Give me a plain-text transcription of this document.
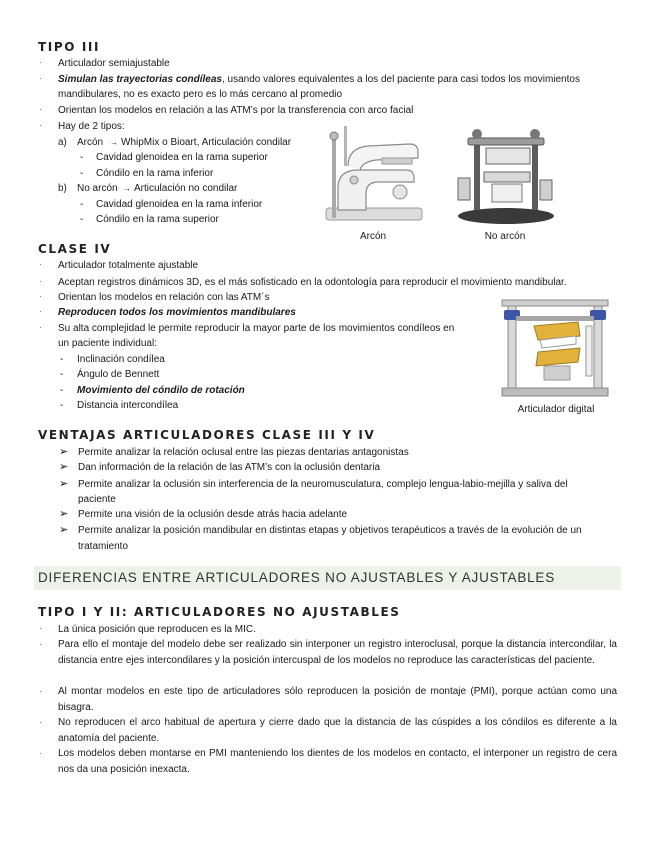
TIPO III
· Articulador semiajustable
· Simulan las trayectorias condíleas, usando valores equivalentes a los del paciente para casi todos los movimientos
mandibulares, no es exacto pero es lo más cercano al promedio
· Orientan los modelos en relación a las ATM’s por la transferencia con arco facial
· Hay de 2 tipos:
a) Arcón → WhipMix o Bioart, Articulación condilar
- Cavidad glenoidea en la rama superior
- Cóndilo en la rama inferior
b) No arcón → Articulación no condilar
- Cavidad glenoidea en la rama inferior
- Cóndilo en la rama superior
Arcón	No arcón
CLASE IV
· Articulador totalmente ajustable
· Aceptan registros dinámicos 3D, es el más sofisticado en la odontología para reproducir el movimiento mandibular.
· Orientan los modelos en relación con las ATM´s
· Reproducen todos los movimientos mandibulares
· Su alta complejidad le permite reproducir la mayor parte de los movimientos condíleos en
un paciente individual:
- Inclinación condílea
- Ángulo de Bennett
- Movimiento del cóndilo de rotación
- Distancia intercondílea	Articulador digital
VENTAJAS ARTICULADORES CLASE III Y IV
➢ Permite analizar la relación oclusal entre las piezas dentarias antagonistas
➢ Dan información de la relación de las ATM’s con la oclusión dentaria
➢ Permite analizar la oclusión sin interferencia de la neuromusculatura, complejo lengua-labio-mejilla y saliva del
paciente
➢ Permite una visión de la oclusión desde atrás hacia adelante
➢ Permite analizar la posición mandibular en distintas etapas y objetivos terapéuticos a través de la evolución de un
tratamiento
DIFERENCIAS ENTRE ARTICULADORES NO AJUSTABLES Y AJUSTABLES
TIPO I Y II: ARTICULADORES NO AJUSTABLES
· La única posición que reproducen es la MIC.
· Para ello el montaje del modelo debe ser realizado sin interponer un registro interoclusal, porque la distancia intercondilar, la distancia entre ejes intercondilares y la posición intercuspal de los modelos no reproduce las características del paciente.
· Al montar modelos en este tipo de articuladores sólo reproducen la posición de montaje (PMI), porque actúan como una bisagra.
· No reproducen el arco habitual de apertura y cierre dado que la distancia de las cúspides a los cóndilos es diferente a la anatomía del paciente.
· Los modelos deben montarse en PMI manteniendo los dientes de los modelos en contacto, el interponer un registro de cera nos da una posición inexacta.
